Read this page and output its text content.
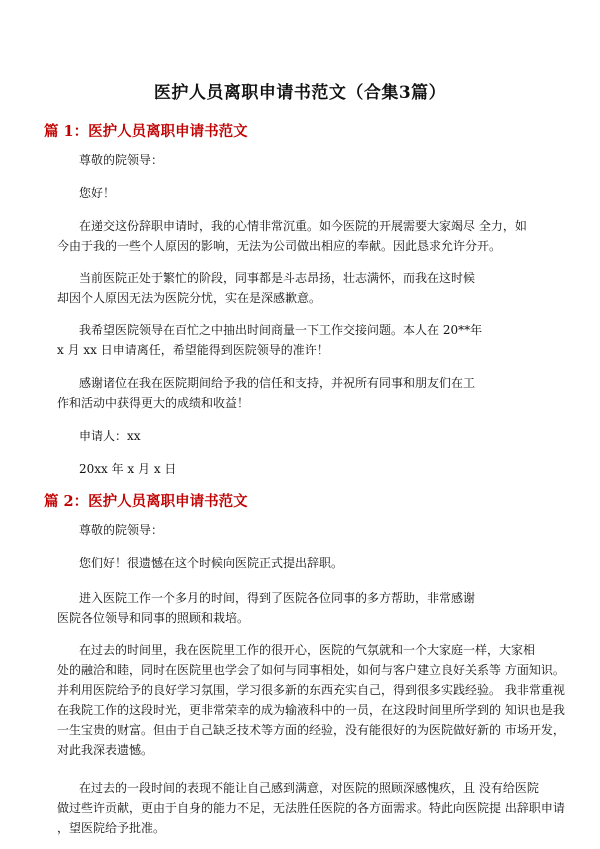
医护人员离职申请书范文（合集3篇）
篇 1：医护人员离职申请书范文
尊敬的院领导：
您好！
在递交这份辞职申请时，我的心情非常沉重。如今医院的开展需要大家竭尽 全力，如
今由于我的一些个人原因的影响，无法为公司做出相应的奉献。因此恳求允许分开。
当前医院正处于繁忙的阶段，同事都是斗志昂扬，壮志满怀，而我在这时候
却因个人原因无法为医院分忧，实在是深感歉意。
我希望医院领导在百忙之中抽出时间商量一下工作交接问题。本人在 20**年
x 月 xx 日申请离任，希望能得到医院领导的准许！
感谢诸位在我在医院期间给予我的信任和支持，并祝所有同事和朋友们在工
作和活动中获得更大的成绩和收益！
申请人：xx
20xx 年 x 月 x 日
篇 2：医护人员离职申请书范文
尊敬的院领导：
您们好！很遗憾在这个时候向医院正式提出辞职。
进入医院工作一个多月的时间，得到了医院各位同事的多方帮助，非常感谢
医院各位领导和同事的照顾和栽培。
在过去的时间里，我在医院里工作的很开心，医院的气氛就和一个大家庭一样，大家相
处的融洽和睦，同时在医院里也学会了如何与同事相处，如何与客户建立良好关系等 方面知识。
并利用医院给予的良好学习氛围，学习很多新的东西充实自己，得到很多实践经验。 我非常重视
在我院工作的这段时光，更非常荣幸的成为输液科中的一员，在这段时间里所学到的 知识也是我
一生宝贵的财富。但由于自己缺乏技术等方面的经验，没有能很好的为医院做好新的 市场开发，
对此我深表遗憾。
在过去的一段时间的表现不能让自己感到满意，对医院的照顾深感愧疚，且 没有给医院
做过些许贡献，更由于自身的能力不足，无法胜任医院的各方面需求。特此向医院提 出辞职申请
，望医院给予批准。
